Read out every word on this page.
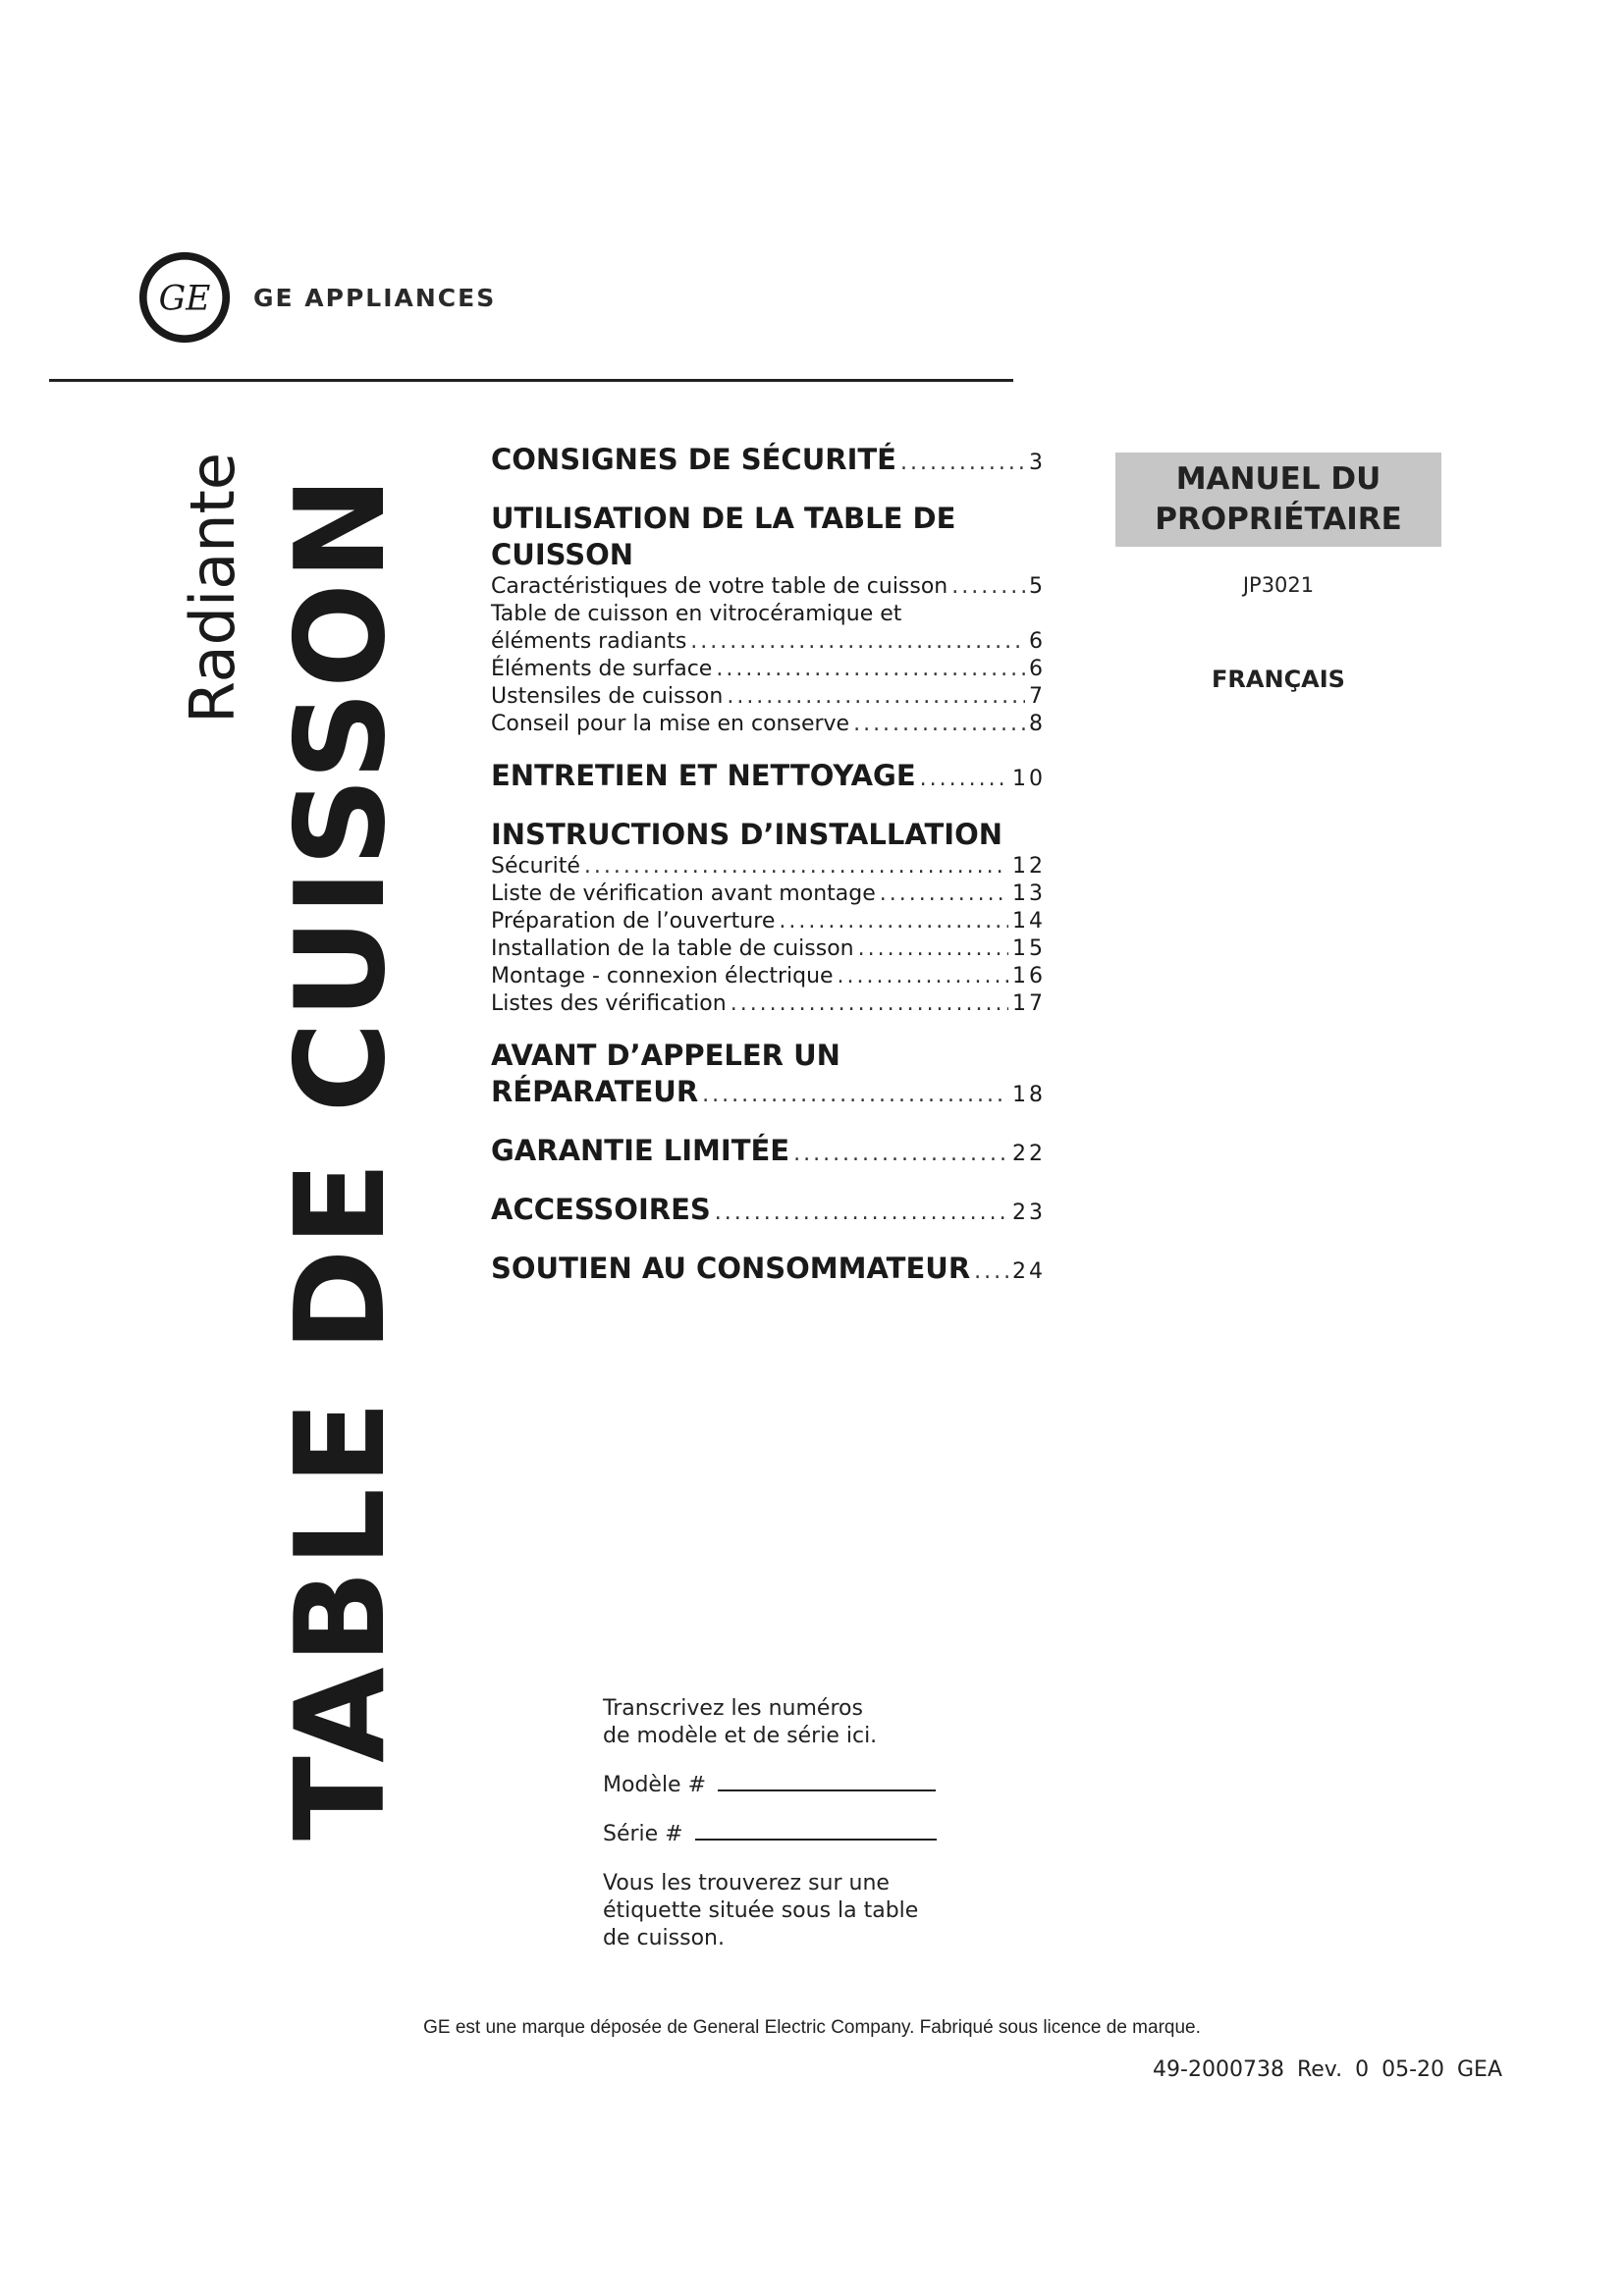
GE GE APPLIANCES
TABLE DE CUISSON
Radiante	CONSIGNES DE SÉCURITÉ .....	3
UTILISATION DE LA TABLE DE
CUISSON
Caractéristiques de votre table de cuisson .....	5
Table de cuisson en vitrocéramique et
éléments radiants .....	6
Éléments de surface .....	6
Ustensiles de cuisson .....	7
Conseil pour la mise en conserve .....	8
ENTRETIEN ET NETTOYAGE .....	10
INSTRUCTIONS D’INSTALLATION
Sécurité .....	12
Liste de vérification avant montage .....	13
Préparation de l’ouverture .....	14
Installation de la table de cuisson .....	15
Montage - connexion électrique .....	16
Listes des vérification .....	17
AVANT D’APPELER UN
RÉPARATEUR .....	18
GARANTIE LIMITÉE .....	22
ACCESSOIRES .....	23
SOUTIEN AU CONSOMMATEUR ..... 24
MANUEL DU
PROPRIÉTAIRE
JP3021
FRANÇAIS

Transcrivez les numéros
de modèle et de série ici.

Modèle #
Série #

Vous les trouverez sur une
étiquette située sous la table
de cuisson.

GE est une marque déposée de General Electric Company. Fabriqué sous licence de marque.
49-2000738 Rev. 0 05-20 GEA
